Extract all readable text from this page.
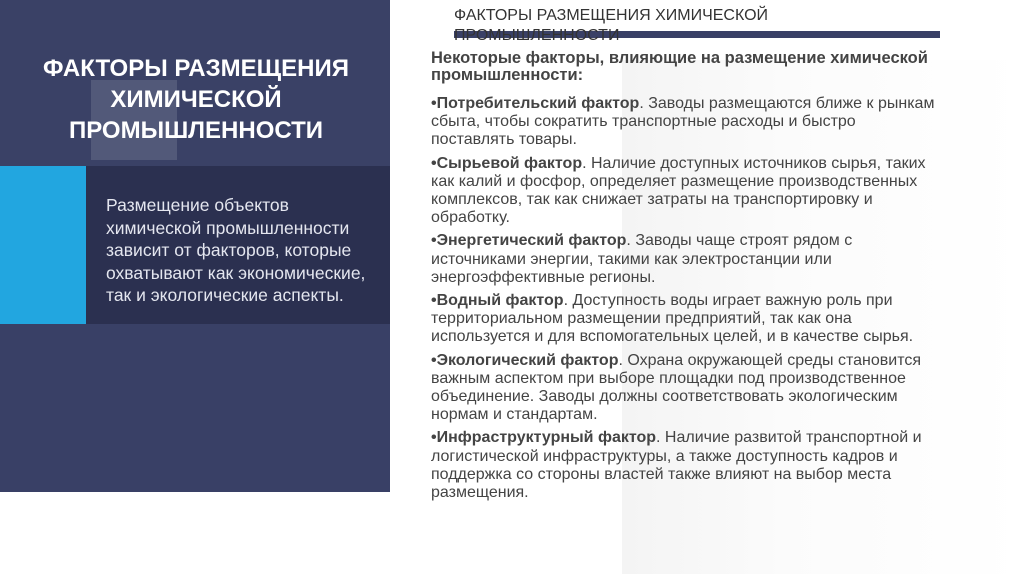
ФАКТОРЫ РАЗМЕЩЕНИЯ ХИМИЧЕСКОЙ ПРОМЫШЛЕННОСТИ

Размещение объектов химической промышленности зависит от факторов, которые охватывают как экономические, так и экологические аспекты.

ФАКТОРЫ РАЗМЕЩЕНИЯ ХИМИЧЕСКОЙ ПРОМЫШЛЕННОСТИ

Некоторые факторы, влияющие на размещение химической промышленности:

•Потребительский фактор. Заводы размещаются ближе к рынкам сбыта, чтобы сократить транспортные расходы и быстро поставлять товары.

•Сырьевой фактор. Наличие доступных источников сырья, таких как калий и фосфор, определяет размещение производственных комплексов, так как снижает затраты на транспортировку и обработку.

•Энергетический фактор. Заводы чаще строят рядом с источниками энергии, такими как электростанции или энергоэффективные регионы.

•Водный фактор. Доступность воды играет важную роль при территориальном размещении предприятий, так как она используется и для вспомогательных целей, и в качестве сырья.

•Экологический фактор. Охрана окружающей среды становится важным аспектом при выборе площадки под производственное объединение. Заводы должны соответствовать экологическим нормам и стандартам.

•Инфраструктурный фактор. Наличие развитой транспортной и логистической инфраструктуры, а также доступность кадров и поддержка со стороны властей также влияют на выбор места размещения.
